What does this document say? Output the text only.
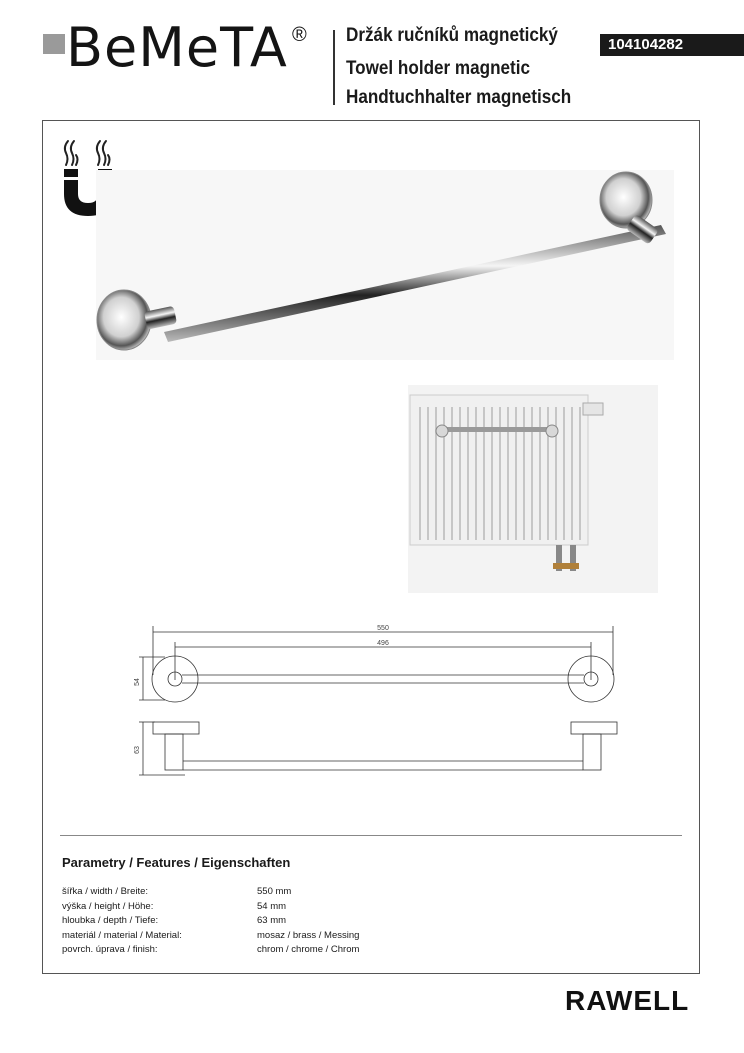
BeMeTA ® Držák ručníků magnetický
Towel holder magnetic
Handtuchhalter magnetisch
104104282
550
496
54
63
Parametry / Features / Eigenschaften
šířka / width / Breite:	550 mm
výška / height / Höhe:	54 mm
hloubka / depth / Tiefe:	63 mm
materiál / material / Material:	mosaz / brass / Messing
povrch. úprava / finish:	chrom / chrome / Chrom
RAWELL
